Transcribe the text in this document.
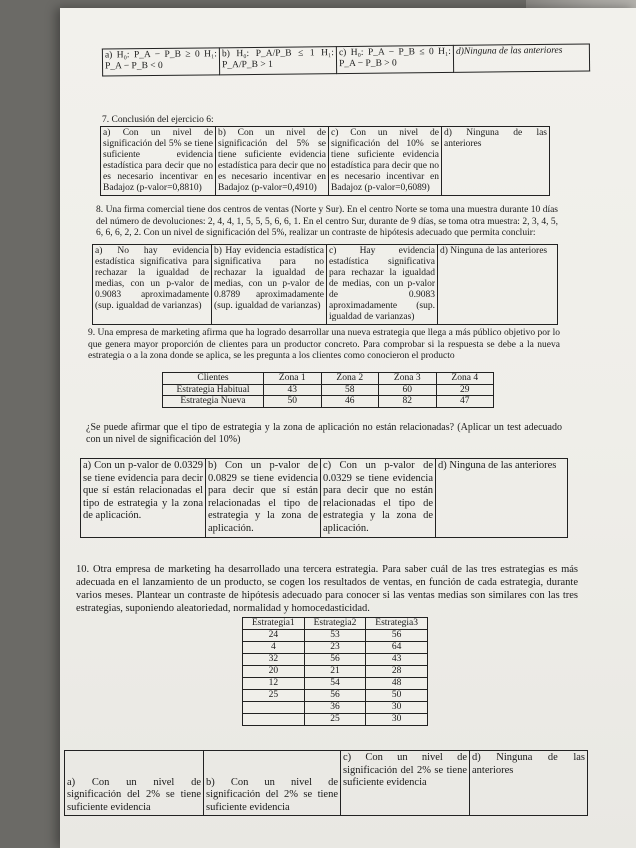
a) H₀: P_A − P_B ≥ 0 H₁: P_A − P_B < 0	b) H₀: P_A/P_B ≤ 1 H₁: P_A/P_B > 1	c) H₀: P_A − P_B ≤ 0 H₁: P_A − P_B > 0	d)Ninguna de las anteriores
7. Conclusión del ejercicio 6:
a) Con un nivel de significación del 5% se tiene suficiente evidencia estadística para decir que no es necesario incentivar en Badajoz (p-valor=0,8810)	b) Con un nivel de significación del 5% se tiene suficiente evidencia estadística para decir que no es necesario incentivar en Badajoz (p-valor=0,4910)	c) Con un nivel de significación del 10% se tiene suficiente evidencia estadística para decir que no es necesario incentivar en Badajoz (p-valor=0,6089)	d) Ninguna de las anteriores
8. Una firma comercial tiene dos centros de ventas (Norte y Sur). En el centro Norte se toma una muestra durante 10 días del número de devoluciones: 2, 4, 4, 1, 5, 5, 5, 6, 6, 1. En el centro Sur, durante de 9 días, se toma otra muestra: 2, 3, 4, 5, 6, 6, 6, 2, 2. Con un nivel de significación del 5%, realizar un contraste de hipótesis adecuado que permita concluir:
a) No hay evidencia estadística significativa para rechazar la igualdad de medias, con un p-valor de 0.9083 aproximadamente (sup. igualdad de varianzas)	b) Hay evidencia estadística significativa para no rechazar la igualdad de medias, con un p-valor de 0.8789 aproximadamente (sup. igualdad de varianzas)	c) Hay evidencia estadística significativa para rechazar la igualdad de medias, con un p-valor de 0.9083 aproximadamente (sup. igualdad de varianzas)	d) Ninguna de las anteriores
9. Una empresa de marketing afirma que ha logrado desarrollar una nueva estrategia que llega a más público objetivo por lo que genera mayor proporción de clientes para un productor concreto. Para comprobar si la respuesta se debe a la nueva estrategia o a la zona donde se aplica, se les pregunta a los clientes como conocieron el producto
Clientes	Zona 1	Zona 2	Zona 3	Zona 4
Estrategia Habitual	43	58	60	29
Estrategia Nueva	50	46	82	47
¿Se puede afirmar que el tipo de estrategia y la zona de aplicación no están relacionadas? (Aplicar un test adecuado con un nivel de significación del 10%)
a) Con un p-valor de 0.0329 se tiene evidencia para decir que sí están relacionadas el tipo de estrategia y la zona de aplicación.	b) Con un p-valor de 0.0829 se tiene evidencia para decir que sí están relacionadas el tipo de estrategia y la zona de aplicación.	c) Con un p-valor de 0.0329 se tiene evidencia para decir que no están relacionadas el tipo de estrategia y la zona de aplicación.	d) Ninguna de las anteriores
10. Otra empresa de marketing ha desarrollado una tercera estrategia. Para saber cuál de las tres estrategias es más adecuada en el lanzamiento de un producto, se cogen los resultados de ventas, en función de cada estrategia, durante varios meses. Plantear un contraste de hipótesis adecuado para conocer si las ventas medias son similares con las tres estrategias, suponiendo aleatoriedad, normalidad y homocedasticidad.
Estrategia1	Estrategia2	Estrategia3
24	53	56
4	23	64
32	56	43
20	21	28
12	54	48
25	56	50
	36	30
	25	30
a) Con un nivel de significación del 2% se tiene suficiente evidencia	b) Con un nivel de significación del 2% se tiene suficiente evidencia	c) Con un nivel de significación del 2% se tiene suficiente evidencia	d) Ninguna de las anteriores
